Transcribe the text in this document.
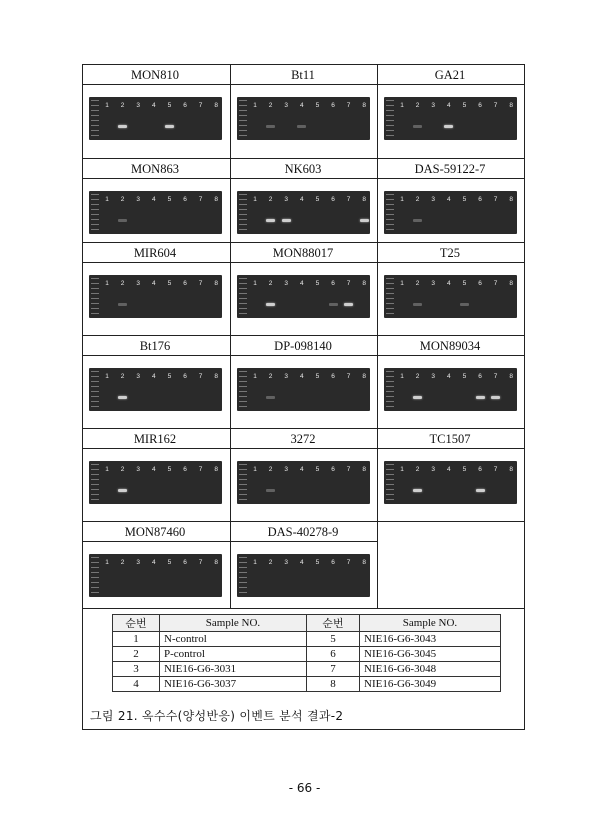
MON810
1	2	3	4	5	6	7	8
Bt11
1	2	3	4	5	6	7	8
GA21
1	2	3	4	5	6	7	8
MON863
1	2	3	4	5	6	7	8
NK603
1	2	3	4	5	6	7	8
DAS-59122-7
1	2	3	4	5	6	7	8
MIR604
1	2	3	4	5	6	7	8
MON88017
1	2	3	4	5	6	7	8
T25
1	2	3	4	5	6	7	8
Bt176
1	2	3	4	5	6	7	8
DP-098140
1	2	3	4	5	6	7	8
MON89034
1	2	3	4	5	6	7	8
MIR162
1	2	3	4	5	6	7	8
3272
1	2	3	4	5	6	7	8
TC1507
1	2	3	4	5	6	7	8
MON87460
1	2	3	4	5	6	7	8
DAS-40278-9
1	2	3	4	5	6	7	8
순번	Sample NO.	순번	Sample NO.
1	N-control	5	NIE16-G6-3043
2	P-control	6	NIE16-G6-3045
3	NIE16-G6-3031	7	NIE16-G6-3048
4	NIE16-G6-3037	8	NIE16-G6-3049
그림 21. 옥수수(양성반응) 이벤트 분석 결과-2
- 66 -
